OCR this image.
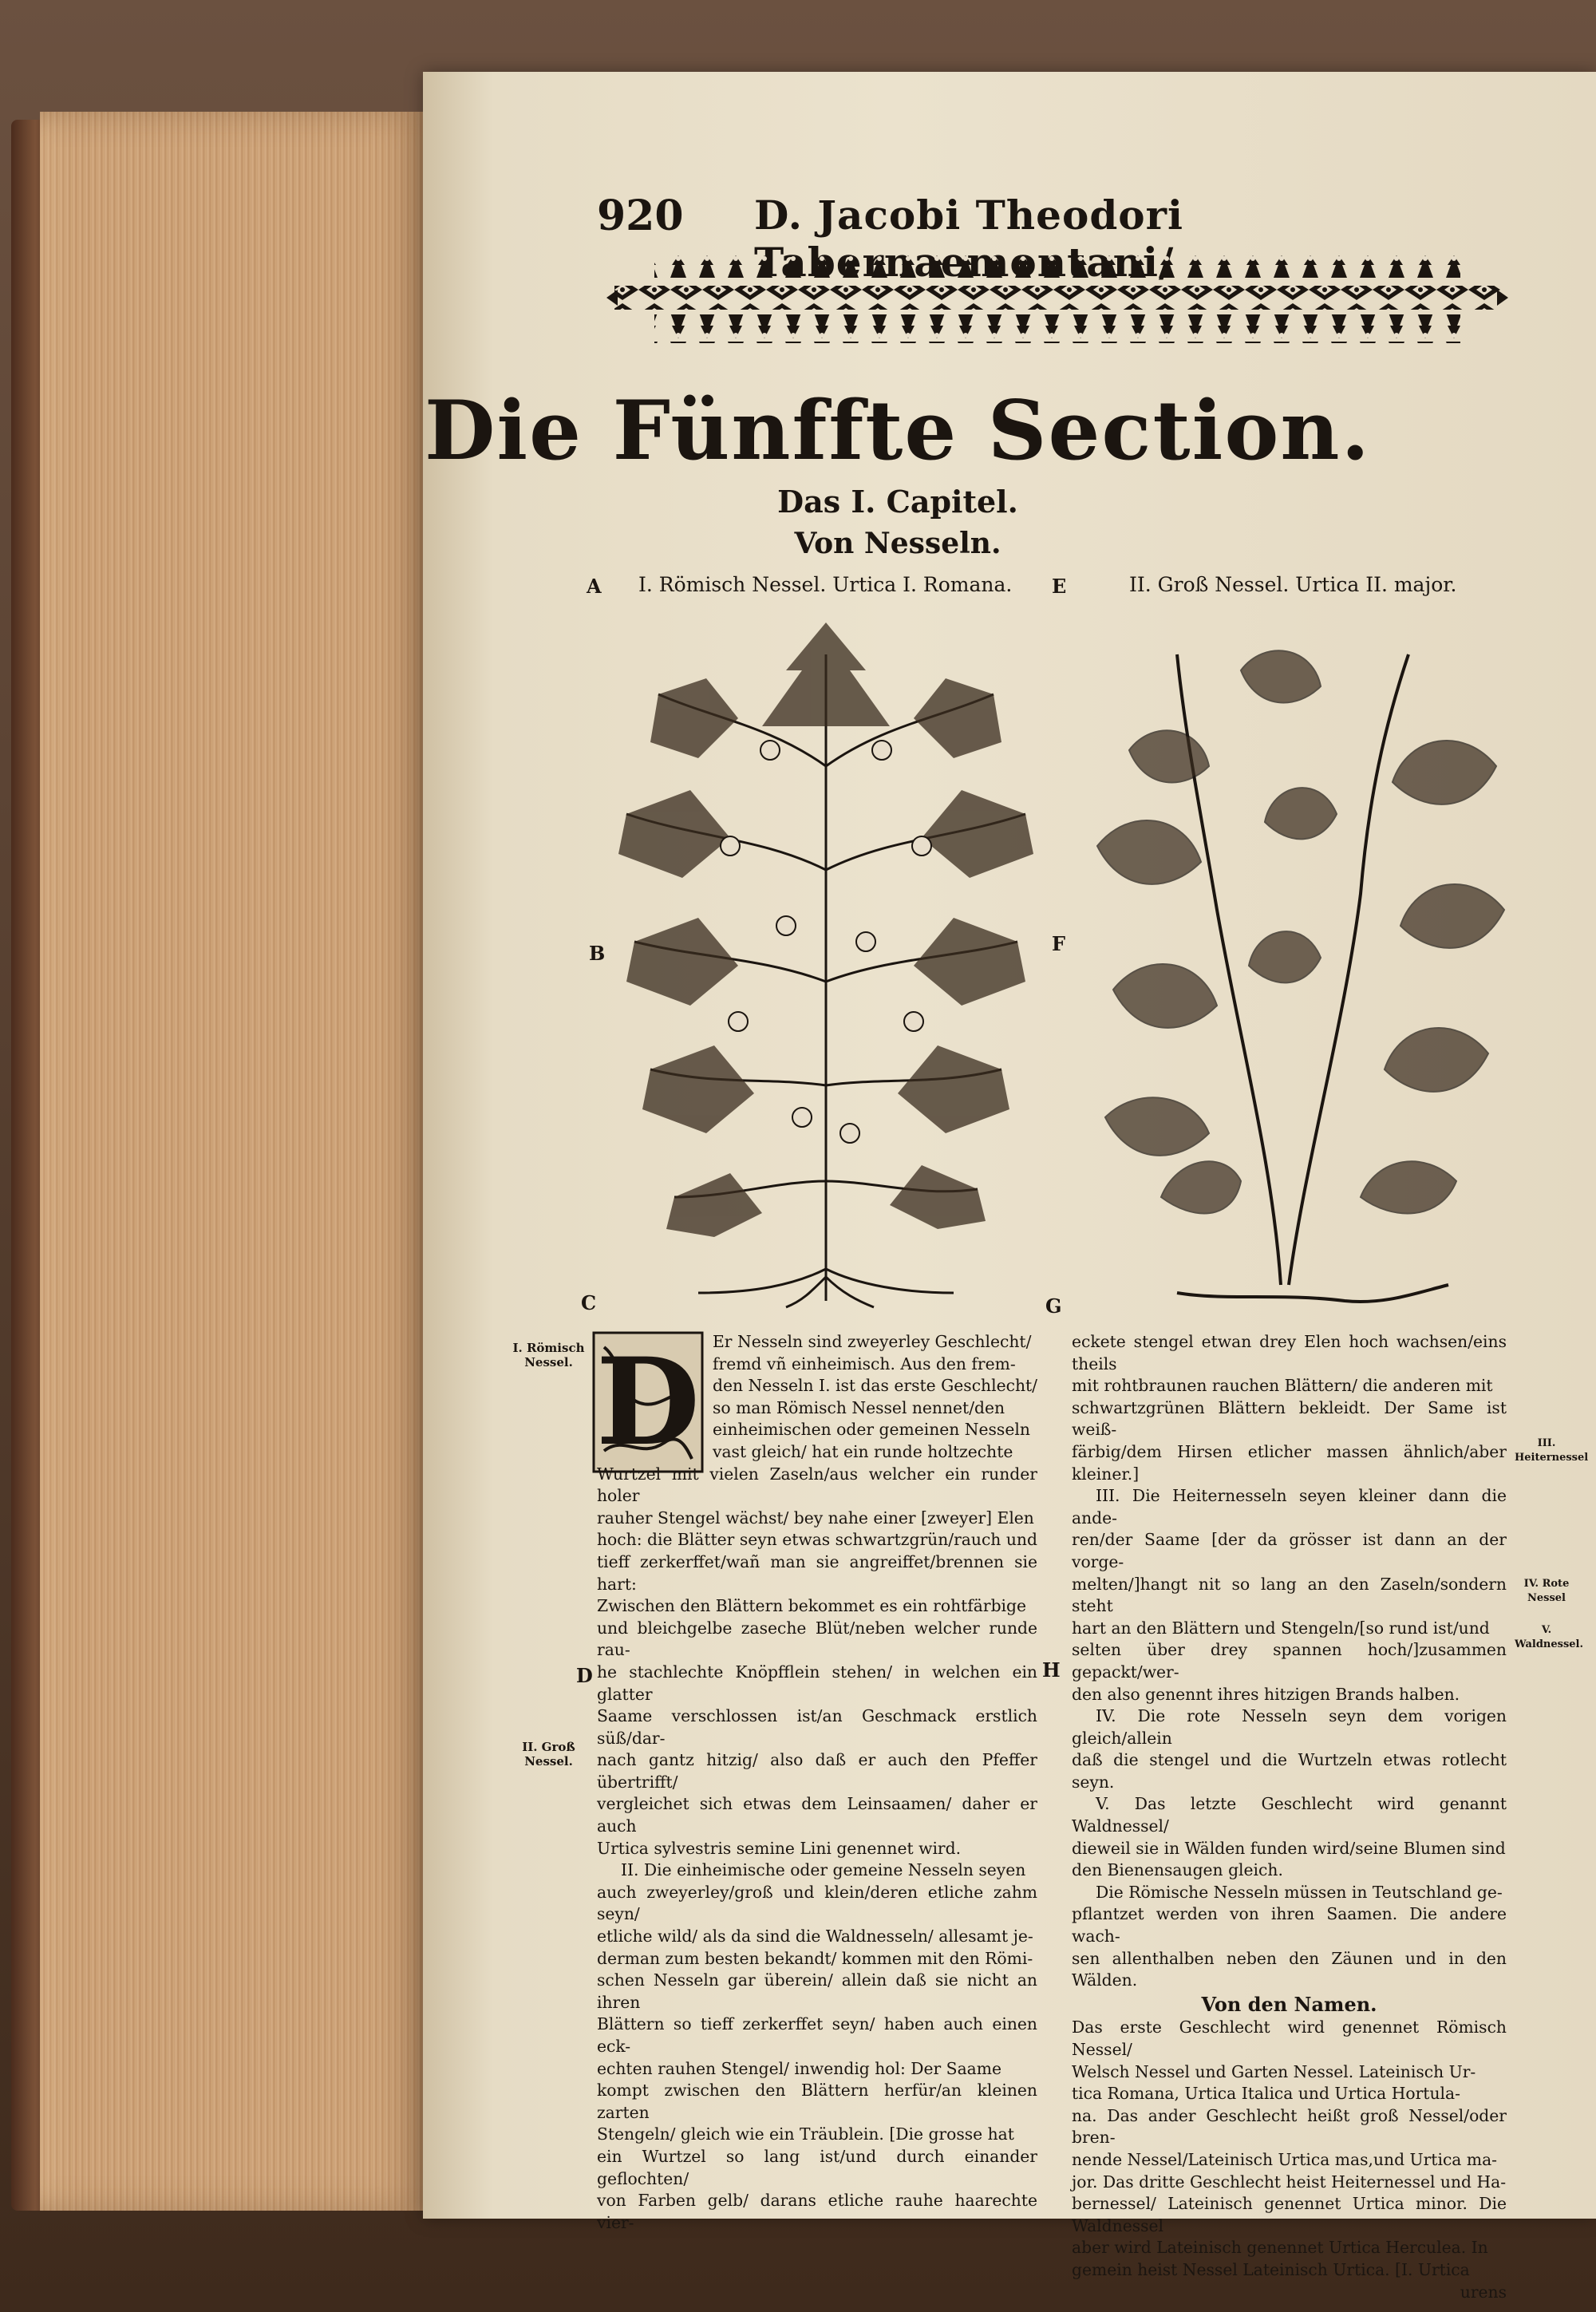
920 D. Jacobi Theodori
Die Fünffte Section.
Das I. Capitel.
Von Nesseln.
A I. Römisch Nessel. Urtica I. Romana. E	II. Groß Nessel. Urtica II. major.
B
C
F
G
I. Römisch Nessel.
II. Groß Nessel.
D
D Er Nesseln sind zweyerley Geschlecht/

fremd vñ einheimisch. Aus den frem-

den Nesseln I. ist das erste Geschlecht/

so man Römisch Nessel nennet/den

einheimischen oder gemeinen Nesseln

vast gleich/ hat ein runde holtzechte

Wurtzel mit vielen Zaseln/aus welcher ein runder holer

rauher Stengel wächst/ bey nahe einer [zweyer] Elen

hoch: die Blätter seyn etwas schwartzgrün/rauch und

tieff zerkerffet/wañ man sie angreiffet/brennen sie hart:

Zwischen den Blättern bekommet es ein rohtfärbige

und bleichgelbe zaseche Blüt/neben welcher runde rau-

he stachlechte Knöpfflein stehen/ in welchen ein glatter

Saame verschlossen ist/an Geschmack erstlich süß/dar-

nach gantz hitzig/ also daß er auch den Pfeffer übertrifft/

vergleichet sich etwas dem Leinsaamen/ daher er auch

Urtica sylvestris semine Lini genennet wird.

II. Die einheimische oder gemeine Nesseln seyen

auch zweyerley/groß und klein/deren etliche zahm seyn/

etliche wild/ als da sind die Waldnesseln/ allesamt je-

derman zum besten bekandt/ kommen mit den Römi-

schen Nesseln gar überein/ allein daß sie nicht an ihren

Blättern so tieff zerkerffet seyn/ haben auch einen eck-

echten rauhen Stengel/ inwendig hol: Der Saame

kompt zwischen den Blättern herfür/an kleinen zarten

Stengeln/ gleich wie ein Träublein. [Die grosse hat

ein Wurtzel so lang ist/und durch einander geflochten/

von Farben gelb/ darans etliche rauhe haarechte vier-

eckete stengel etwan drey Elen hoch wachsen/eins theils

mit rohtbraunen rauchen Blättern/ die anderen mit

schwartzgrünen Blättern bekleidt. Der Same ist weiß-

färbig/dem Hirsen etlicher massen ähnlich/aber kleiner.]

III. Die Heiternesseln seyen kleiner dann die ande-

ren/der Saame [der da grösser ist dann an der vorge-

melten/]hangt nit so lang an den Zaseln/sondern steht

hart an den Blättern und Stengeln/[so rund ist/und

selten über drey spannen hoch/]zusammen gepackt/wer-

den also genennt ihres hitzigen Brands halben.

IV. Die rote Nesseln seyn dem vorigen gleich/allein

daß die stengel und die Wurtzeln etwas rotlecht seyn.

V. Das letzte Geschlecht wird genannt Waldnessel/

dieweil sie in Wälden funden wird/seine Blumen sind

den Bienensaugen gleich.

Die Römische Nesseln müssen in Teutschland ge-

pflantzet werden von ihren Saamen. Die andere wach-

sen allenthalben neben den Zäunen und in den Wälden.

Von den Namen.

Das erste Geschlecht wird genennet Römisch Nessel/

Welsch Nessel und Garten Nessel. Lateinisch Ur-

tica Romana, Urtica Italica und Urtica Hortula-

na. Das ander Geschlecht heißt groß Nessel/oder bren-

nende Nessel/Lateinisch Urtica mas,und Urtica ma-

jor. Das dritte Geschlecht heist Heiternessel und Ha-

bernessel/ Lateinisch genennet Urtica minor. Die Waldnessel

aber wird Lateinisch genennet Urtica Herculea. In

gemein heist Nessel Lateinisch Urtica. [I. Urtica

urens

H
III. Heiternessel
IV. Rote Nessel
V. Waldnessel.
